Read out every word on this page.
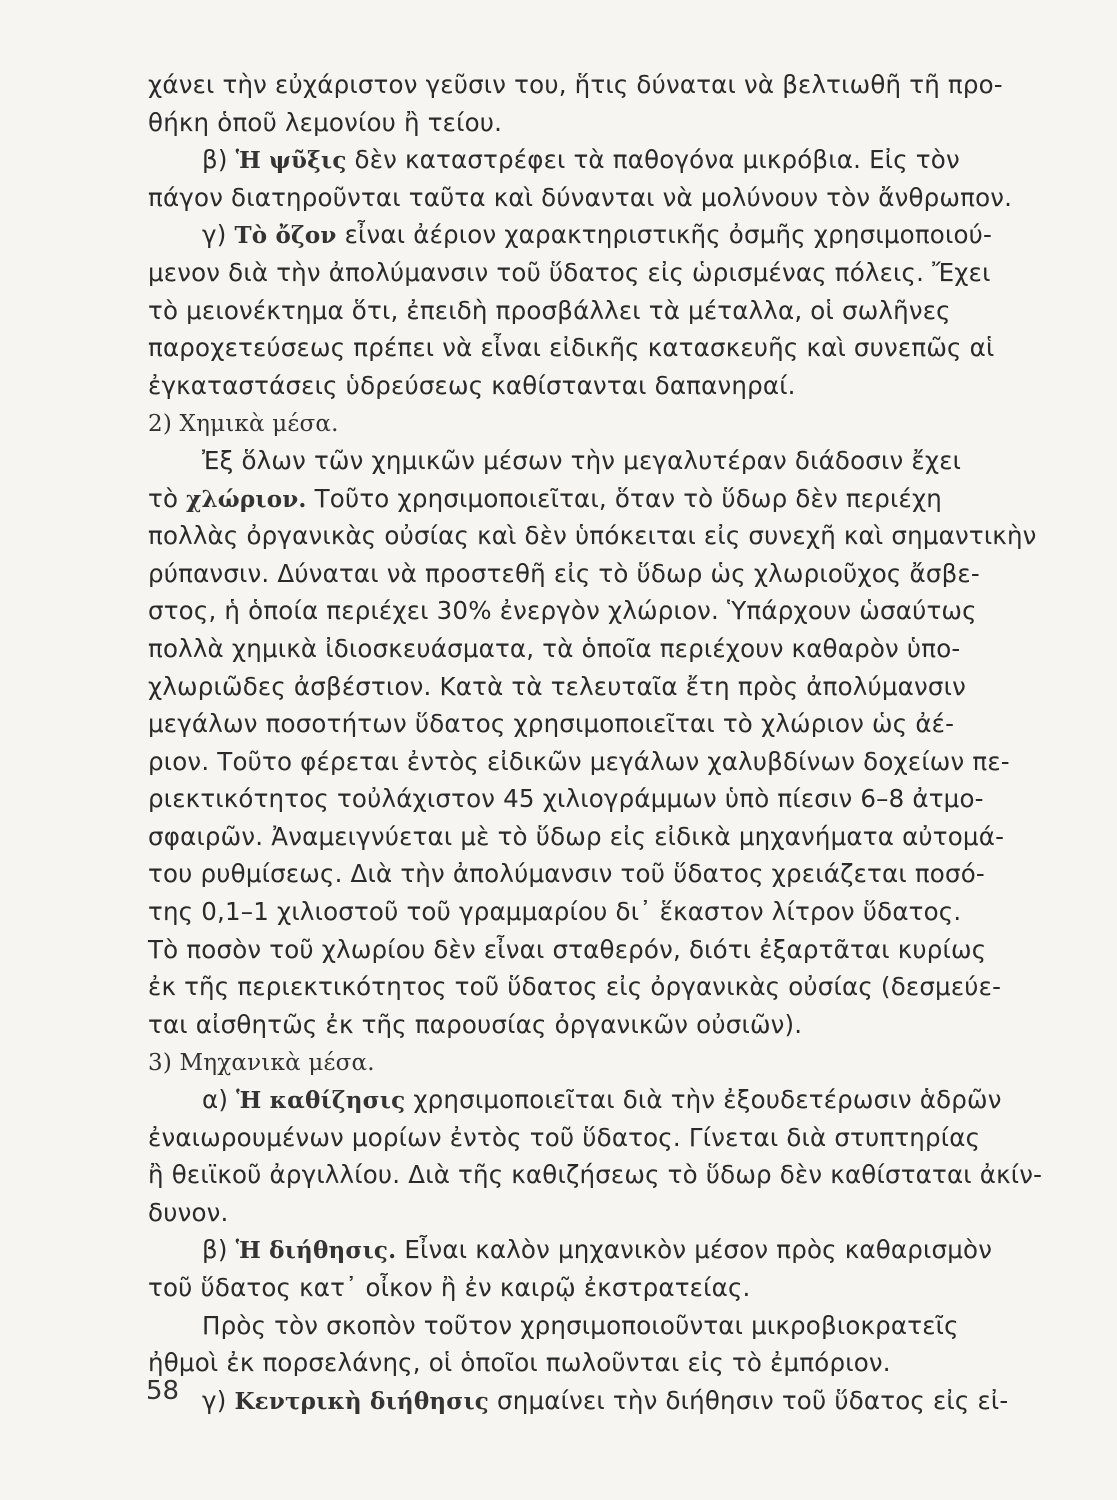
χάνει τὴν εὐχάριστον γεῦσιν του, ἥτις δύναται νὰ βελτιωθῆ τῆ προ-
θήκη ὁποῦ λεμονίου ἢ τείου.
β) Ἡ ψῦξις δὲν καταστρέφει τὰ παθογόνα μικρόβια. Εἰς τὸν
πάγον διατηροῦνται ταῦτα καὶ δύνανται νὰ μολύνουν τὸν ἄνθρωπον.
γ) Τὸ ὄζον εἶναι ἀέριον χαρακτηριστικῆς ὀσμῆς χρησιμοποιού-
μενον διὰ τὴν ἀπολύμανσιν τοῦ ὕδατος εἰς ὡρισμένας πόλεις. Ἔχει
τὸ μειονέκτημα ὅτι, ἐπειδὴ προσβάλλει τὰ μέταλλα, οἱ σωλῆνες
παροχετεύσεως πρέπει νὰ εἶναι εἰδικῆς κατασκευῆς καὶ συνεπῶς αἱ
ἐγκαταστάσεις ὑδρεύσεως καθίστανται δαπανηραί.
2) Χημικὰ μέσα.
Ἐξ ὅλων τῶν χημικῶν μέσων τὴν μεγαλυτέραν διάδοσιν ἔχει
τὸ χλώριον. Τοῦτο χρησιμοποιεῖται, ὅταν τὸ ὕδωρ δὲν περιέχη
πολλὰς ὀργανικὰς οὐσίας καὶ δὲν ὑπόκειται εἰς συνεχῆ καὶ σημαντικὴν
ρύπανσιν. Δύναται νὰ προστεθῆ εἰς τὸ ὕδωρ ὡς χλωριοῦχος ἄσβε-
στος, ἡ ὁποία περιέχει 30% ἐνεργὸν χλώριον. Ὑπάρχουν ὡσαύτως
πολλὰ χημικὰ ἰδιοσκευάσματα, τὰ ὁποῖα περιέχουν καθαρὸν ὑπο-
χλωριῶδες ἀσβέστιον. Κατὰ τὰ τελευταῖα ἔτη πρὸς ἀπολύμανσιν
μεγάλων ποσοτήτων ὕδατος χρησιμοποιεῖται τὸ χλώριον ὡς ἀέ-
ριον. Τοῦτο φέρεται ἐντὸς εἰδικῶν μεγάλων χαλυβδίνων δοχείων πε-
ριεκτικότητος τοὐλάχιστον 45 χιλιογράμμων ὑπὸ πίεσιν 6–8 ἀτμο-
σφαιρῶν. Ἀναμειγνύεται μὲ τὸ ὕδωρ εἰς εἰδικὰ μηχανήματα αὐτομά-
του ρυθμίσεως. Διὰ τὴν ἀπολύμανσιν τοῦ ὕδατος χρειάζεται ποσό-
της 0,1–1 χιλιοστοῦ τοῦ γραμμαρίου δι᾽ ἕκαστον λίτρον ὕδατος.
Τὸ ποσὸν τοῦ χλωρίου δὲν εἶναι σταθερόν, διότι ἐξαρτᾶται κυρίως
ἐκ τῆς περιεκτικότητος τοῦ ὕδατος εἰς ὀργανικὰς οὐσίας (δεσμεύε-
ται αἰσθητῶς ἐκ τῆς παρουσίας ὀργανικῶν οὐσιῶν).
3) Μηχανικὰ μέσα.
α) Ἡ καθίζησις χρησιμοποιεῖται διὰ τὴν ἐξουδετέρωσιν ἁδρῶν
ἐναιωρουμένων μορίων ἐντὸς τοῦ ὕδατος. Γίνεται διὰ στυπτηρίας
ἢ θειϊκοῦ ἀργιλλίου. Διὰ τῆς καθιζήσεως τὸ ὕδωρ δὲν καθίσταται ἀκίν-
δυνον.
β) Ἡ διήθησις. Εἶναι καλὸν μηχανικὸν μέσον πρὸς καθαρισμὸν
τοῦ ὕδατος κατ᾽ οἶκον ἢ ἐν καιρῷ ἐκστρατείας.
Πρὸς τὸν σκοπὸν τοῦτον χρησιμοποιοῦνται μικροβιοκρατεῖς
ἠθμοὶ ἐκ πορσελάνης, οἱ ὁποῖοι πωλοῦνται εἰς τὸ ἐμπόριον.
γ) Κεντρικὴ διήθησις σημαίνει τὴν διήθησιν τοῦ ὕδατος εἰς εἰ-
58
